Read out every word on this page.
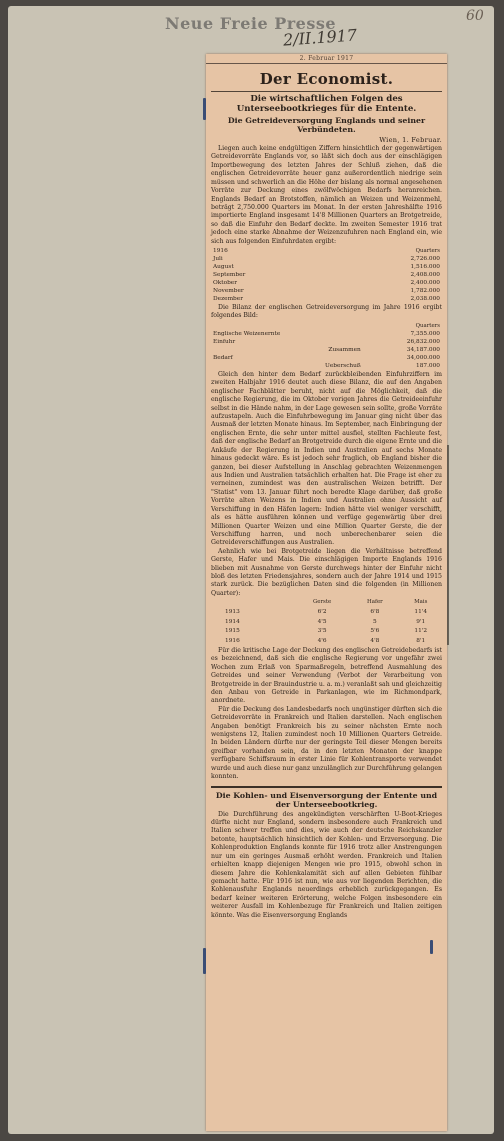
Neue Freie Presse
2/II.1917
60
2. Februar 1917
Der Economist.
Die wirtschaftlichen Folgen des Unterseebootkrieges für die Entente.
Die Getreideversorgung Englands und seiner Verbündeten.
Wien, 1. Februar.

Liegen auch keine endgültigen Ziffern hinsichtlich der gegenwärtigen Getreidevorräte Englands vor, so läßt sich doch aus der einschlägigen Importbewegung des letzten Jahres der Schluß ziehen, daß die englischen Getreidevorräte heuer ganz außerordentlich niedrige sein müssen und schwerlich an die Höhe der bislang als normal angesehenen Vorräte zur Deckung eines zwölfwöchigen Bedarfs heranreichen. Englands Bedarf an Brotstoffen, nämlich an Weizen und Weizenmehl, beträgt 2,750.000 Quarters im Monat. In der ersten Jahreshälfte 1916 importierte England insgesamt 14'8 Millionen Quarters an Brotgetreide, so daß die Einfuhr den Bedarf deckte. Im zweiten Semester 1916 trat jedoch eine starke Abnahme der Weizenzufuhren nach England ein, wie sich aus folgenden Einfuhrdaten ergibt:

1916	Quarters
Juli	2,726.000
August	1,516.000
September	2,408.000
Oktober	2,400.000
November	1,782.000
Dezember	2,038.000

Die Bilanz der englischen Getreideversorgung im Jahre 1916 ergibt folgendes Bild:

	Quarters
Englische Weizenernte	7,355.000
Einfuhr	26,832.000
Zusammen	34,187.000
Bedarf	34,000.000
Ueberschuß	187.000

Gleich den hinter dem Bedarf zurückbleibenden Einfuhrziffern im zweiten Halbjahr 1916 deutet auch diese Bilanz, die auf den Angaben englischer Fachblätter beruht, nicht auf die Möglichkeit, daß die englische Regierung, die im Oktober vorigen Jahres die Getreideeinfuhr selbst in die Hände nahm, in der Lage gewesen sein sollte, große Vorräte aufzustapeln. Auch die Einfuhrbewegung im Januar ging nicht über das Ausmaß der letzten Monate hinaus. Im September, nach Einbringung der englischen Ernte, die sehr unter mittel ausfiel, stellten Fachleute fest, daß der englische Bedarf an Brotgetreide durch die eigene Ernte und die Ankäufe der Regierung in Indien und Australien auf sechs Monate hinaus gedeckt wäre. Es ist jedoch sehr fraglich, ob England bisher die ganzen, bei dieser Aufstellung in Anschlag gebrachten Weizenmengen aus Indien und Australien tatsächlich erhalten hat. Die Frage ist eher zu verneinen, zumindest was den australischen Weizen betrifft. Der "Statist" vom 13. Januar führt noch beredte Klage darüber, daß große Vorräte alten Weizens in Indien und Australien ohne Aussicht auf Verschiffung in den Häfen lagern: Indien hätte viel weniger verschifft, als es hätte ausführen können und verfüge gegenwärtig über drei Millionen Quarter Weizen und eine Million Quarter Gerste, die der Verschiffung harren, und noch unberechenbarer seien die Getreideverschiffungen aus Australien.

Aehnlich wie bei Brotgetreide liegen die Verhältnisse betreffend Gerste, Hafer und Mais. Die einschlägigen Importe Englands 1916 blieben mit Ausnahme von Gerste durchwegs hinter der Einfuhr nicht bloß des letzten Friedensjahres, sondern auch der Jahre 1914 und 1915 stark zurück. Die bezüglichen Daten sind die folgenden (in Millionen Quarter):

	Gerste	Hafer	Mais
1913	6'2	6'8	11'4
1914	4'5	5	9'1
1915	3'5	5'6	11'2
1916	4'6	4'8	8'1

Für die kritische Lage der Deckung des englischen Getreidebedarfs ist es bezeichnend, daß sich die englische Regierung vor ungefähr zwei Wochen zum Erlaß von Sparmaßregeln, betreffend Ausmahlung des Getreides und seiner Verwendung (Verbot der Verarbeitung von Brotgetreide in der Brauindustrie u. a. m.) veranlaßt sah und gleichzeitig den Anbau von Getreide in Parkanlagen, wie im Richmondpark, anordnete.

Für die Deckung des Landesbedarfs noch ungünstiger dürften sich die Getreidevorräte in Frankreich und Italien darstellen. Nach englischen Angaben benötigt Frankreich bis zu seiner nächsten Ernte noch wenigstens 12, Italien zumindest noch 10 Millionen Quarters Getreide. In beiden Ländern dürfte nur der geringste Teil dieser Mengen bereits greifbar vorhanden sein, da in den letzten Monaten der knappe verfügbare Schiffsraum in erster Linie für Kohlentransporte verwendet wurde und auch diese nur ganz unzulänglich zur Durchführung gelangen konnten.

Die Kohlen- und Eisenversorgung der Entente und der Unterseebootkrieg.

Die Durchführung des angekündigten verschärften U-Boot-Krieges dürfte nicht nur England, sondern insbesondere auch Frankreich und Italien schwer treffen und dies, wie auch der deutsche Reichskanzler betonte, hauptsächlich hinsichtlich der Kohlen- und Erzversorgung. Die Kohlenproduktion Englands konnte für 1916 trotz aller Anstrengungen nur um ein geringes Ausmaß erhöht werden. Frankreich und Italien erhielten knapp diejenigen Mengen wie pro 1915, obwohl schon in diesem Jahre die Kohlenkalamität sich auf allen Gebieten fühlbar gemacht hatte. Für 1916 ist nun, wie aus vor liegenden Berichten, die Kohlenausfuhr Englands neuerdings erheblich zurückgegangen. Es bedarf keiner weiteren Erörterung, welche Folgen insbesondere ein weiterer Ausfall im Kohlenbezuge für Frankreich und Italien zeitigen könnte. Was die Eisenversorgung Englands
